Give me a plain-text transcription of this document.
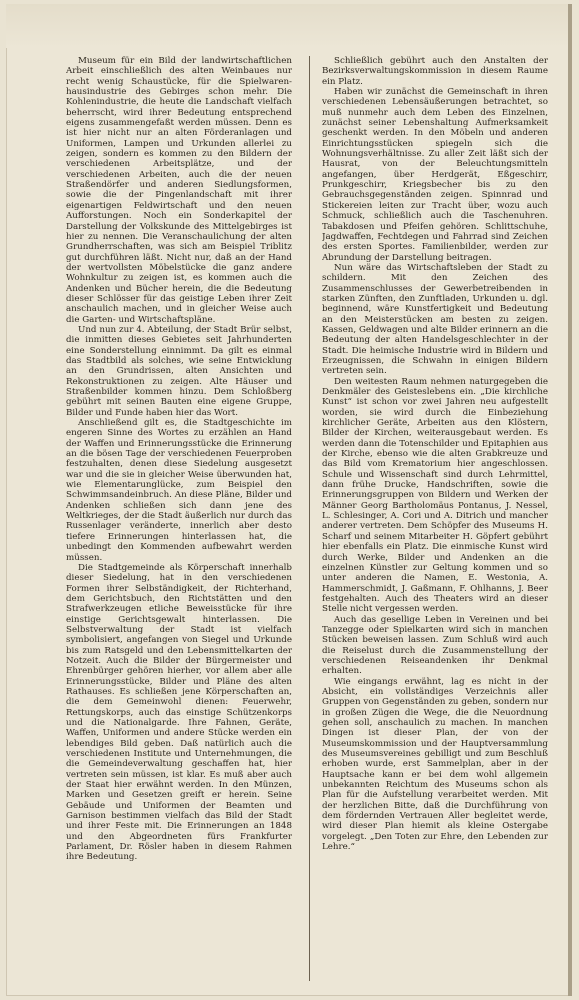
Museum für ein Bild der landwirtschaftlichen Arbeit einschließlich des alten Weinbaues nur recht wenig Schaustücke, für die Spielwaren-hausindustrie des Gebirges schon mehr. Die Kohlenindustrie, die heute die Landschaft vielfach beherrscht, wird ihrer Bedeutung entsprechend eigens zusammengefaßt werden müssen. Denn es ist hier nicht nur an alten Förderanlagen und Uniformen, Lampen und Urkunden allerlei zu zeigen, sondern es kommen zu den Bildern der verschiedenen Arbeitsplätze, und der verschiedenen Arbeiten, auch die der neuen Straßendörfer und anderen Siedlungsformen, sowie die der Pingenlandschaft mit ihrer eigenartigen Feldwirtschaft und den neuen Aufforstungen. Noch ein Sonderkapitel der Darstellung der Volkskunde des Mittelgebirges ist hier zu nennen. Die Veranschaulichung der alten Grundherrschaften, was sich am Beispiel Triblitz gut durchführen läßt. Nicht nur, daß an der Hand der wertvollsten Möbelstücke die ganz andere Wohnkultur zu zeigen ist, es kommen auch die Andenken und Bücher herein, die die Bedeutung dieser Schlösser für das geistige Leben ihrer Zeit anschaulich machen, und in gleicher Weise auch die Garten- und Wirtschaftspläne.

Und nun zur 4. Abteilung, der Stadt Brür selbst, die inmitten dieses Gebietes seit Jahrhunderten eine Sonderstellung einnimmt. Da gilt es einmal das Stadtbild als solches, wie seine Entwicklung an den Grundrissen, alten Ansichten und Rekonstruktionen zu zeigen. Alte Häuser und Straßenbilder kommen hinzu. Dem Schloßberg gebührt mit seinen Bauten eine eigene Gruppe, Bilder und Funde haben hier das Wort.

Anschließend gilt es, die Stadtgeschichte im engeren Sinne des Wortes zu erzählen an Hand der Waffen und Erinnerungsstücke die Erinnerung an die bösen Tage der verschiedenen Feuerproben festzuhalten, denen diese Siedelung ausgesetzt war und die sie in gleicher Weise überwunden hat, wie Elementarunglücke, zum Beispiel den Schwimmsandeinbruch. An diese Pläne, Bilder und Andenken schließen sich dann jene des Weltkrieges, der die Stadt äußerlich nur durch das Russenlager veränderte, innerlich aber desto tiefere Erinnerungen hinterlassen hat, die unbedingt den Kommenden aufbewahrt werden müssen.

Die Stadtgemeinde als Körperschaft innerhalb dieser Siedelung, hat in den verschiedenen Formen ihrer Selbständigkeit, der Richterhand, dem Gerichtsbuch, den Richtstätten und den Strafwerkzeugen etliche Beweisstücke für ihre einstige Gerichtsgewalt hinterlassen. Die Selbstverwaltung der Stadt ist vielfach symbolisiert, angefangen von Siegel und Urkunde bis zum Ratsgeld und den Lebensmittelkarten der Notzeit. Auch die Bilder der Bürgermeister und Ehrenbürger gehören hierher, vor allem aber alle Erinnerungsstücke, Bilder und Pläne des alten Rathauses. Es schließen jene Körperschaften an, die dem Gemeinwohl dienen: Feuerwehr, Rettungskorps, auch das einstige Schützenkorps und die Nationalgarde. Ihre Fahnen, Geräte, Waffen, Uniformen und andere Stücke werden ein lebendiges Bild geben. Daß natürlich auch die verschiedenen Institute und Unternehmungen, die die Gemeindeverwaltung geschaffen hat, hier vertreten sein müssen, ist klar. Es muß aber auch der Staat hier erwähnt werden. In den Münzen, Marken und Gesetzen greift er herein. Seine Gebäude und Uniformen der Beamten und Garnison bestimmen vielfach das Bild der Stadt und ihrer Feste mit. Die Erinnerungen an 1848 und den Abgeordneten fürs Frankfurter Parlament, Dr. Rösler haben in diesem Rahmen ihre Bedeutung.

Schließlich gebührt auch den Anstalten der Bezirksverwaltungskommission in diesem Raume ein Platz.

Haben wir zunächst die Gemeinschaft in ihren verschiedenen Lebensäußerungen betrachtet, so muß nunmehr auch dem Leben des Einzelnen, zunächst seiner Lebenshaltung Aufmerksamkeit geschenkt werden. In den Möbeln und anderen Einrichtungsstücken spiegeln sich die Wohnungsverhältnisse. Zu aller Zeit läßt sich der Hausrat, von der Beleuchtungsmitteln angefangen, über Herdgerät, Eßgeschirr, Prunkgeschirr, Kriegsbecher bis zu den Gebrauchsgegenständen zeigen. Spinnrad und Stickereien leiten zur Tracht über, wozu auch Schmuck, schließlich auch die Taschenuhren. Tabakdosen und Pfeifen gehören. Schlittschuhe, Jagdwaffen, Fechtdegen und Fahrrad sind Zeichen des ersten Sportes. Familienbilder, werden zur Abrundung der Darstellung beitragen.

Nun wäre das Wirtschaftsleben der Stadt zu schildern. Mit den Zeichen des Zusammenschlusses der Gewerbetreibenden in starken Zünften, den Zunftladen, Urkunden u. dgl. beginnend, wäre Kunstfertigkeit und Bedeutung an den Meisterstücken am besten zu zeigen. Kassen, Geldwagen und alte Bilder erinnern an die Bedeutung der alten Handelsgeschlechter in der Stadt. Die heimische Industrie wird in Bildern und Erzeugnissen, die Schwahn in einigen Bildern vertreten sein.

Den weitesten Raum nehmen naturgegeben die Denkmäler des Geisteslebens ein. „Die kirchliche Kunst“ ist schon vor zwei Jahren neu aufgestellt worden, sie wird durch die Einbeziehung kirchlicher Geräte, Arbeiten aus den Klöstern, Bilder der Kirchen, weiterausgebaut werden. Es werden dann die Totenschilder und Epitaphien aus der Kirche, ebenso wie die alten Grabkreuze und das Bild vom Krematorium hier angeschlossen. Schule und Wissenschaft sind durch Lehrmittel, dann frühe Drucke, Handschriften, sowie die Erinnerungsgruppen von Bildern und Werken der Männer Georg Bartholomäus Pontanus, J. Nessel, L. Schlesinger, A. Cori und A. Ditrich und mancher anderer vertreten. Dem Schöpfer des Museums H. Scharf und seinem Mitarbeiter H. Göpfert gebührt hier ebenfalls ein Platz. Die einmische Kunst wird durch Werke, Bilder und Andenken an die einzelnen Künstler zur Geltung kommen und so unter anderen die Namen, E. Westonia, A. Hammerschmidt, J. Gaßmann, F. Ohlhanns, J. Beer festgehalten. Auch des Theaters wird an dieser Stelle nicht vergessen werden.

Auch das gesellige Leben in Vereinen und bei Tanzegge oder Spielkarten wird sich in manchen Stücken beweisen lassen. Zum Schluß wird auch die Reiselust durch die Zusammenstellung der verschiedenen Reiseandenken ihr Denkmal erhalten.

Wie eingangs erwähnt, lag es nicht in der Absicht, ein vollständiges Verzeichnis aller Gruppen von Gegenständen zu geben, sondern nur in großen Zügen die Wege, die die Neuordnung gehen soll, anschaulich zu machen. In manchen Dingen ist dieser Plan, der von der Museumskommission und der Hauptversammlung des Museumsvereines gebilligt und zum Beschluß erhoben wurde, erst Sammelplan, aber in der Hauptsache kann er bei dem wohl allgemein unbekannten Reichtum des Museums schon als Plan für die Aufstellung verarbeitet werden. Mit der herzlichen Bitte, daß die Durchführung von dem fördernden Vertrauen Aller begleitet werde, wird dieser Plan hiemit als kleine Ostergabe vorgelegt. „Den Toten zur Ehre, den Lebenden zur Lehre.“
